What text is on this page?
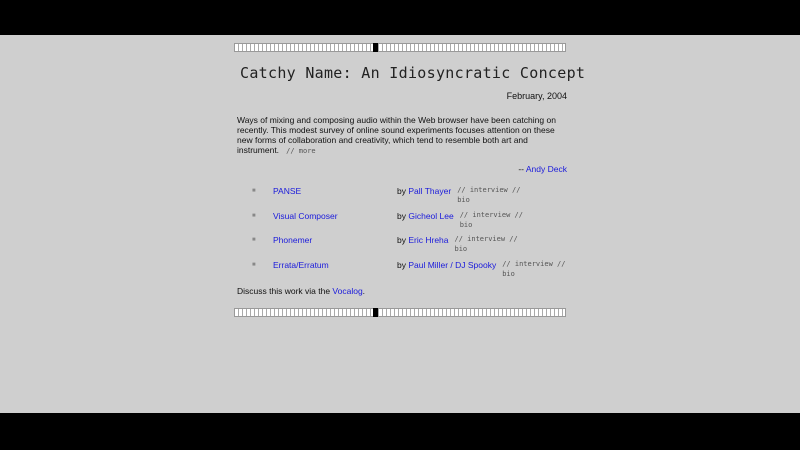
Catchy Name: An Idiosyncratic Concept
February, 2004
Ways of mixing and composing audio within the Web browser have been catching on recently. This modest survey of online sound experiments focuses attention on these new forms of collaboration and creativity, which tend to resemble both art and instrument. // more
-- Andy Deck
■	PANSE	by Pall Thayer // interview //
bio
■	Visual Composer	by Gicheol Lee // interview //
bio
■	Phonemer	by Eric Hreha // interview //
bio
■	Errata/Erratum	by Paul Miller / DJ Spooky // interview //
bio
Discuss this work via the Vocalog.
